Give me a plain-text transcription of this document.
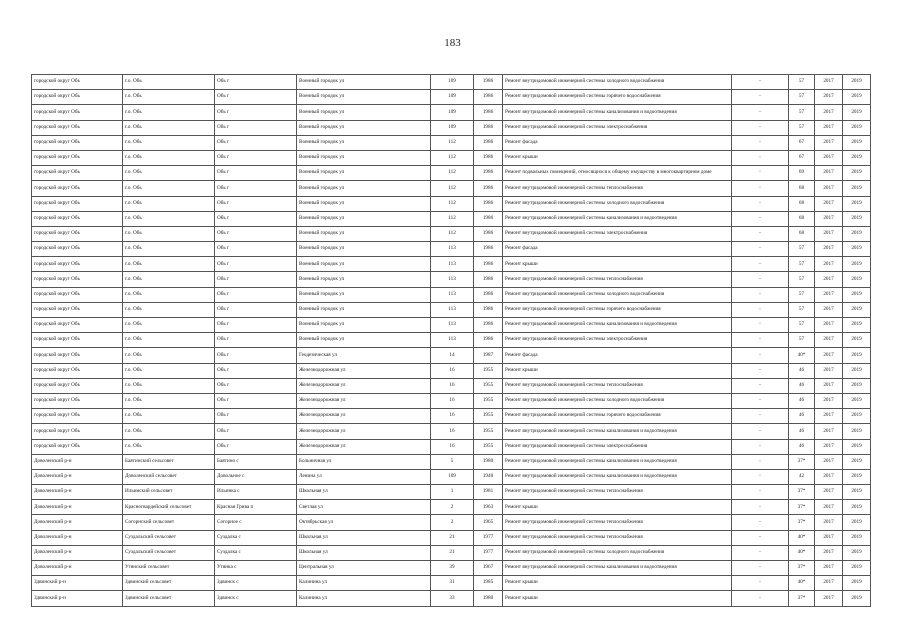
183
городской округ Обь	г.о. Обь	Обь г	Военный городок ул	109	1986	Ремонт внутридомовой инженерной системы холодного водоснабжения	-	57	2017	2019
городской округ Обь	г.о. Обь	Обь г	Военный городок ул	109	1986	Ремонт внутридомовой инженерной системы горячего водоснабжения	-	57	2017	2019
городской округ Обь	г.о. Обь	Обь г	Военный городок ул	109	1986	Ремонт внутридомовой инженерной системы канализования и водоотведения	-	57	2017	2019
городской округ Обь	г.о. Обь	Обь г	Военный городок ул	109	1986	Ремонт внутридомовой инженерной системы электроснабжения	-	57	2017	2019
городской округ Обь	г.о. Обь	Обь г	Военный городок ул	112	1986	Ремонт фасада	-	67	2017	2019
городской округ Обь	г.о. Обь	Обь г	Военный городок ул	112	1986	Ремонт крыши	-	67	2017	2019
городской округ Обь	г.о. Обь	Обь г	Военный городок ул	112	1986	Ремонт подвальных помещений, относящихся к общему имуществу в многоквартирном доме	-	69	2017	2019
городской округ Обь	г.о. Обь	Обь г	Военный городок ул	112	1986	Ремонт внутридомовой инженерной системы теплоснабжения	-	68	2017	2019
городской округ Обь	г.о. Обь	Обь г	Военный городок ул	112	1986	Ремонт внутридомовой инженерной системы холодного водоснабжения	-	68	2017	2019
городской округ Обь	г.о. Обь	Обь г	Военный городок ул	112	1986	Ремонт внутридомовой инженерной системы канализования и водоотведения	-	68	2017	2019
городской округ Обь	г.о. Обь	Обь г	Военный городок ул	112	1986	Ремонт внутридомовой инженерной системы электроснабжения	-	68	2017	2019
городской округ Обь	г.о. Обь	Обь г	Военный городок ул	113	1986	Ремонт фасада	-	57	2017	2019
городской округ Обь	г.о. Обь	Обь г	Военный городок ул	113	1986	Ремонт крыши	-	57	2017	2019
городской округ Обь	г.о. Обь	Обь г	Военный городок ул	113	1986	Ремонт внутридомовой инженерной системы теплоснабжения	-	57	2017	2019
городской округ Обь	г.о. Обь	Обь г	Военный городок ул	113	1986	Ремонт внутридомовой инженерной системы холодного водоснабжения	-	57	2017	2019
городской округ Обь	г.о. Обь	Обь г	Военный городок ул	113	1986	Ремонт внутридомовой инженерной системы горячего водоснабжения	-	57	2017	2019
городской округ Обь	г.о. Обь	Обь г	Военный городок ул	113	1986	Ремонт внутридомовой инженерной системы канализования и водоотведения	-	57	2017	2019
городской округ Обь	г.о. Обь	Обь г	Военный городок ул	113	1986	Ремонт внутридомовой инженерной системы электроснабжения	-	57	2017	2019
городской округ Обь	г.о. Обь	Обь г	Геодезическая ул	14	1987	Ремонт фасада	-	40*	2017	2019
городской округ Обь	г.о. Обь	Обь г	Железнодорожная ул	16	1955	Ремонт крыши	-	46	2017	2019
городской округ Обь	г.о. Обь	Обь г	Железнодорожная ул	16	1955	Ремонт внутридомовой инженерной системы теплоснабжения	-	46	2017	2019
городской округ Обь	г.о. Обь	Обь г	Железнодорожная ул	16	1955	Ремонт внутридомовой инженерной системы холодного водоснабжения	-	46	2017	2019
городской округ Обь	г.о. Обь	Обь г	Железнодорожная ул	16	1955	Ремонт внутридомовой инженерной системы горячего водоснабжения	-	46	2017	2019
городской округ Обь	г.о. Обь	Обь г	Железнодорожная ул	16	1955	Ремонт внутридомовой инженерной системы канализования и водоотведения	-	46	2017	2019
городской округ Обь	г.о. Обь	Обь г	Железнодорожная ул	16	1955	Ремонт внутридомовой инженерной системы электроснабжения	-	46	2017	2019
Доволенский р-н	Баятинский сельсовет	Баятино с	Больничная ул	5	1980	Ремонт внутридомовой инженерной системы канализования и водоотведения	-	37*	2017	2019
Доволенский р-н	Доволенский сельсовет	Довольное с	Ленина ул	109	1940	Ремонт внутридомовой инженерной системы канализования и водоотведения	-	42	2017	2019
Доволенский р-н	Ильинский сельсовет	Ильинка с	Школьная ул	1	1981	Ремонт внутридомовой инженерной системы теплоснабжения	-	37*	2017	2019
Доволенский р-н	Красногвардейский сельсовет	Красная Грива п	Светлая ул	2	1963	Ремонт крыши	-	37*	2017	2019
Доволенский р-н	Согорнский сельсовет	Согорное с	Октябрьская ул	2	1965	Ремонт внутридомовой инженерной системы теплоснабжения	-	37*	2017	2019
Доволенский р-н	Суздальский сельсовет	Суздалка с	Школьная ул	21	1977	Ремонт внутридомовой инженерной системы теплоснабжения	-	40*	2017	2019
Доволенский р-н	Суздальский сельсовет	Суздалка с	Школьная ул	21	1977	Ремонт внутридомовой инженерной системы холодного водоснабжения	-	40*	2017	2019
Доволенский р-н	Утянский сельсовет	Утянка с	Центральная ул	39	1967	Ремонт внутридомовой инженерной системы канализования и водоотведения	-	37*	2017	2019
Здвинский р-н	Здвинский сельсовет	Здвинск с	Калинина ул	31	1985	Ремонт крыши	-	40*	2017	2019
Здвинский р-н	Здвинский сельсовет	Здвинск с	Калинина ул	33	1980	Ремонт крыши	-	37*	2017	2019
